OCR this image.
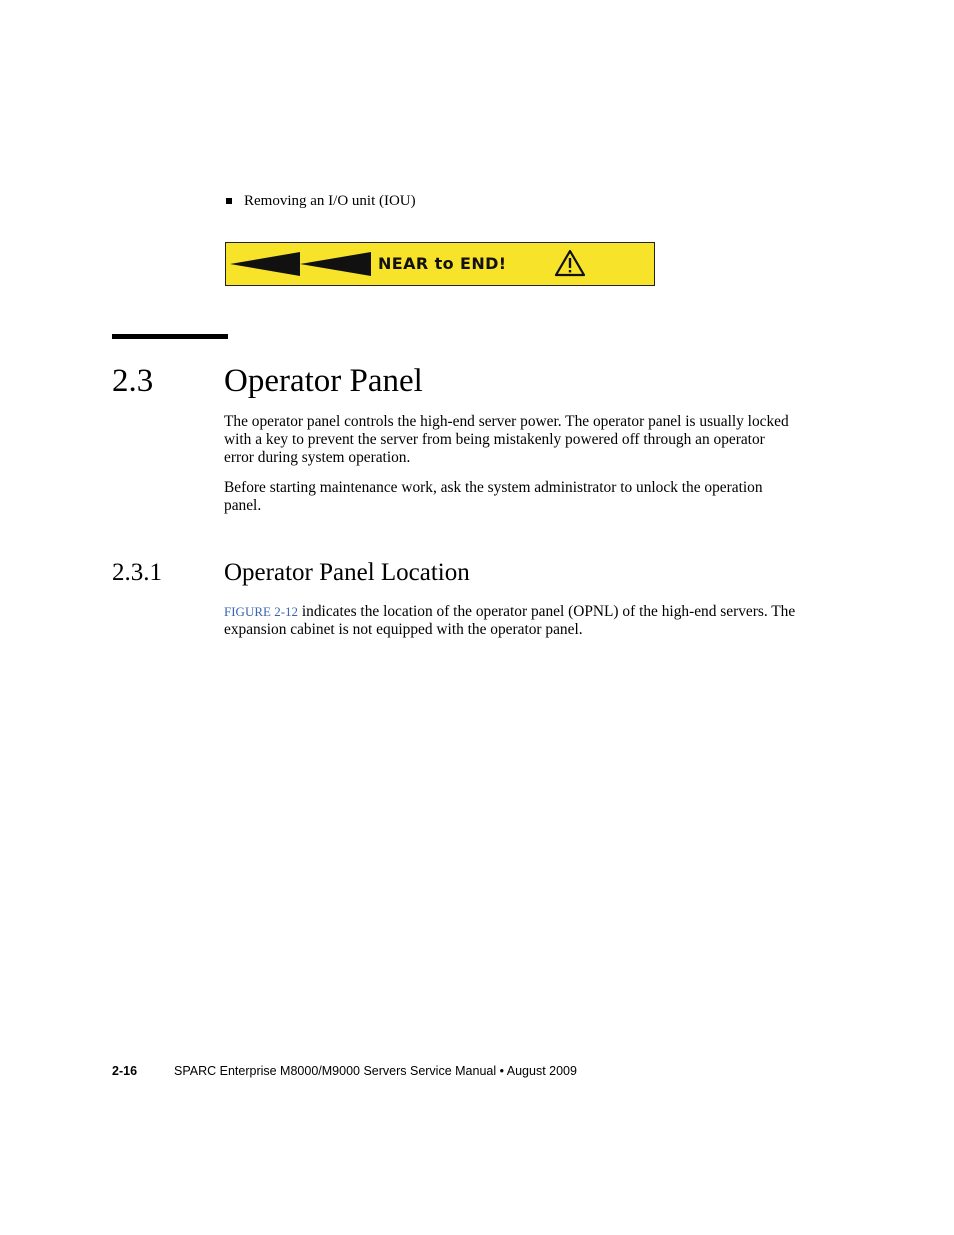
Removing an I/O unit (IOU)
NEAR to END!
2.3 Operator Panel
The operator panel controls the high-end server power. The operator panel is usually locked with a key to prevent the server from being mistakenly powered off through an operator error during system operation.
Before starting maintenance work, ask the system administrator to unlock the operation panel.
2.3.1 Operator Panel Location
FIGURE 2-12 indicates the location of the operator panel (OPNL) of the high-end servers. The expansion cabinet is not equipped with the operator panel.
2-16	SPARC Enterprise M8000/M9000 Servers Service Manual • August 2009
